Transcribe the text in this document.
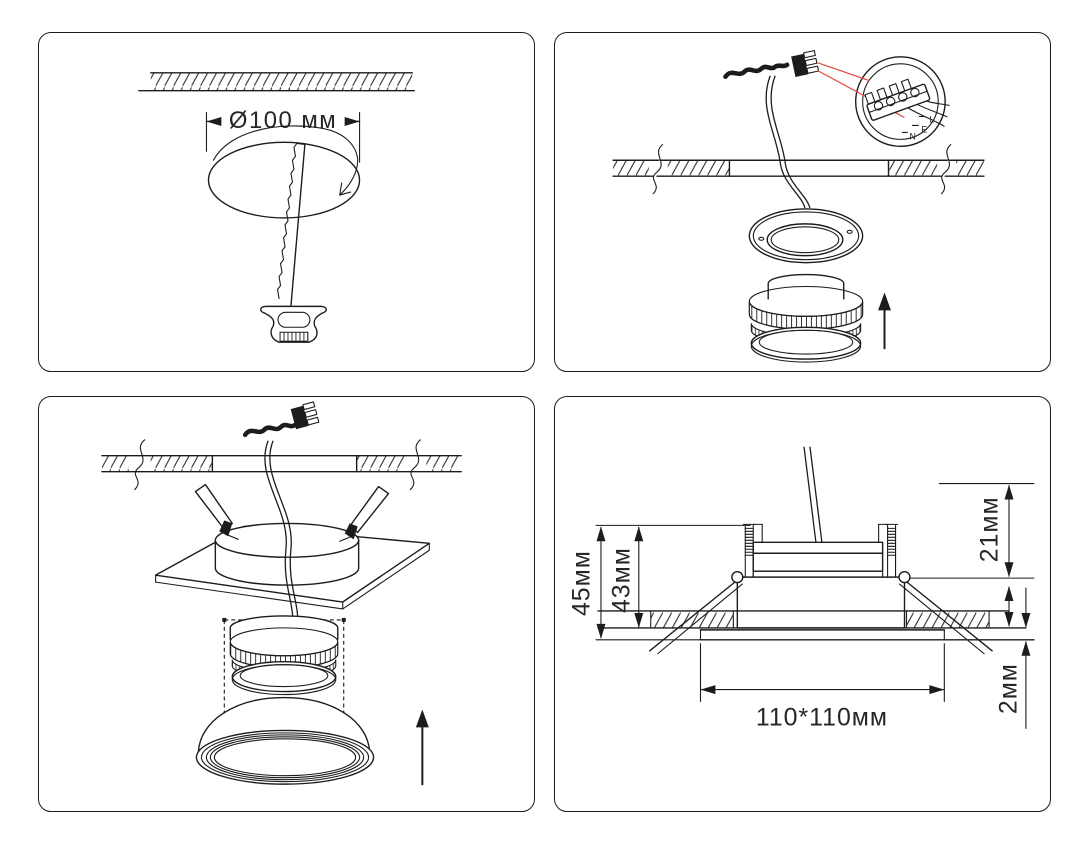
Ø100 мм	L
E
N
45мм 43мм
21мм
2мм
110*110мм
